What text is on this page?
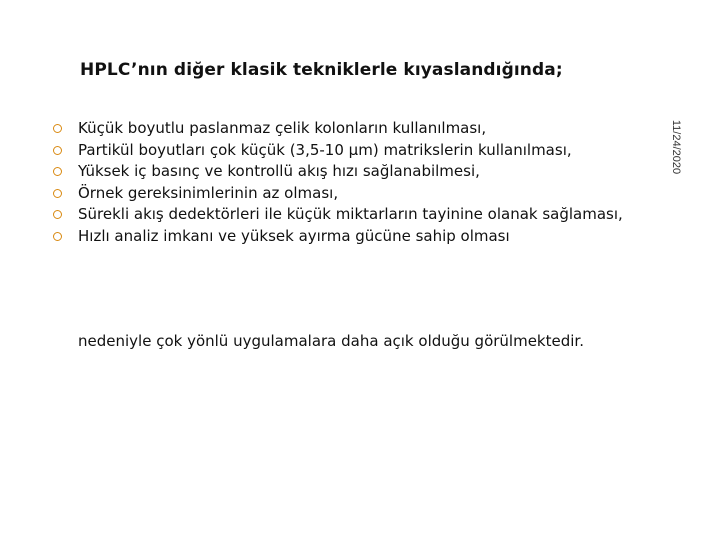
HPLC’nın diğer klasik tekniklerle kıyaslandığında;
11/24/2020
Küçük boyutlu paslanmaz çelik kolonların kullanılması,
Partikül boyutları çok küçük (3,5-10 µm) matrikslerin kullanılması,
Yüksek iç basınç ve kontrollü akış hızı sağlanabilmesi,
Örnek gereksinimlerinin az olması,
Sürekli akış dedektörleri ile küçük miktarların tayinine olanak sağlaması,
Hızlı analiz imkanı ve yüksek ayırma gücüne sahip olması
nedeniyle çok yönlü uygulamalara daha açık olduğu görülmektedir.
